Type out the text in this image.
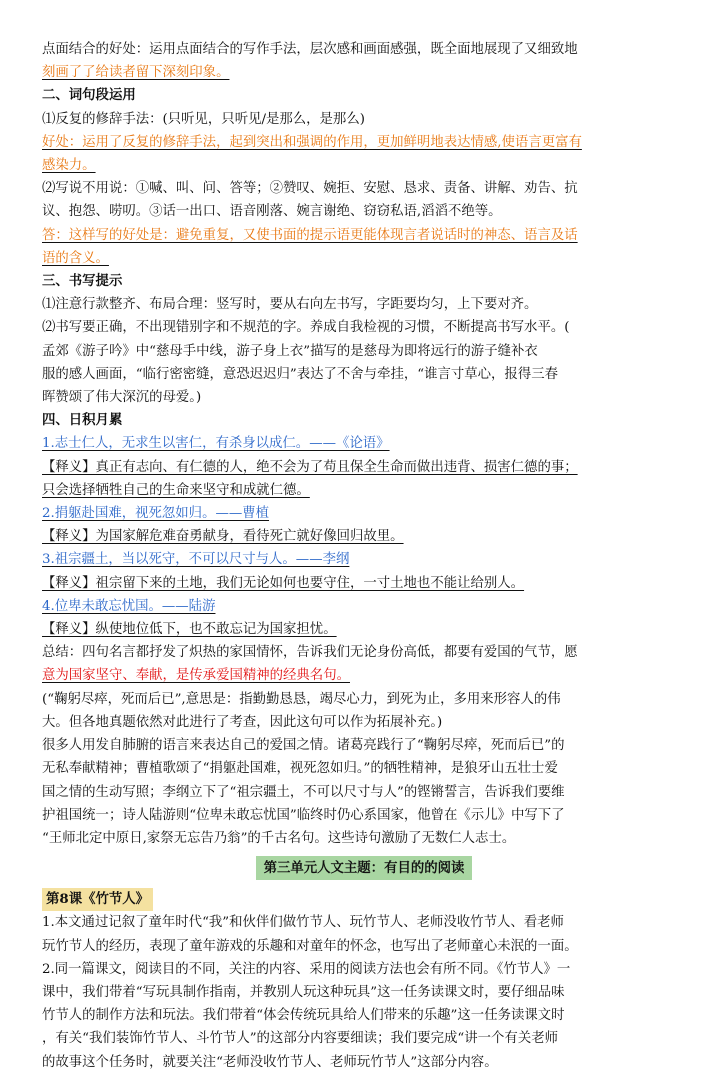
点面结合的好处：运用点面结合的写作手法，层次感和画面感强，既全面地展现了又细致地
刻画了了给读者留下深刻印象。
二、词句段运用
⑴反复的修辞手法：(只听见，只听见/是那么，是那么)
好处：运用了反复的修辞手法，起到突出和强调的作用，更加鲜明地表达情感,使语言更富有
感染力。
⑵写说不用说：①喊、叫、问、答等；②赞叹、婉拒、安慰、恳求、责备、讲解、劝告、抗
议、抱怨、唠叨。③话一出口、语音刚落、婉言谢绝、窃窃私语,滔滔不绝等。
答：这样写的好处是：避免重复，又使书面的提示语更能体现言者说话时的神态、语言及话
语的含义。
三、书写提示
⑴注意行款整齐、布局合理：竖写时，要从右向左书写，字距要均匀，上下要对齐。
⑵书写要正确，不出现错别字和不规范的字。养成自我检视的习惯，不断提高书写水平。(
孟郊《游子吟》中“慈母手中线，游子身上衣”描写的是慈母为即将远行的游子缝补衣
服的感人画面，“临行密密缝，意恐迟迟归”表达了不舍与牵挂，“谁言寸草心，报得三春
晖赞颂了伟大深沉的母爱。)
四、日积月累
1.志士仁人，无求生以害仁，有杀身以成仁。——《论语》
【释义】真正有志向、有仁德的人，绝不会为了苟且保全生命而做出违背、损害仁德的事；
只会选择牺牲自己的生命来坚守和成就仁德。
2.捐躯赴国难，视死忽如归。——曹植
【释义】为国家解危难奋勇献身，看待死亡就好像回归故里。
3.祖宗疆土，当以死守，不可以尺寸与人。——李纲
【释义】祖宗留下来的土地，我们无论如何也要守住，一寸土地也不能让给别人。
4.位卑未敢忘忧国。——陆游
【释义】纵使地位低下，也不敢忘记为国家担忧。
总结：四句名言都抒发了炽热的家国情怀，告诉我们无论身份高低，都要有爱国的气节，愿
意为国家坚守、奉献，是传承爱国精神的经典名句。
(“鞠躬尽瘁，死而后已”,意思是：指勤勤恳恳，竭尽心力，到死为止，多用来形容人的伟
大。但各地真题依然对此进行了考查，因此这句可以作为拓展补充。)
很多人用发自肺腑的语言来表达自己的爱国之情。诸葛亮践行了“鞠躬尽瘁，死而后已”的
无私奉献精神；曹植歌颂了“捐躯赴国难，视死忽如归。”的牺牲精神，是狼牙山五壮士爱
国之情的生动写照；李纲立下了“祖宗疆土，不可以尺寸与人”的铿锵誓言，告诉我们要维
护祖国统一；诗人陆游则“位卑未敢忘忧国”临终时仍心系国家，他曾在《示儿》中写下了
“王师北定中原日,家祭无忘告乃翁”的千古名句。这些诗句激励了无数仁人志士。
第三单元人文主题：有目的的阅读
第8课《竹节人》
1.本文通过记叙了童年时代“我”和伙伴们做竹节人、玩竹节人、老师没收竹节人、看老师
玩竹节人的经历，表现了童年游戏的乐趣和对童年的怀念，也写出了老师童心未泯的一面。
2.同一篇课文，阅读目的不同，关注的内容、采用的阅读方法也会有所不同。《竹节人》一
课中，我们带着“写玩具制作指南，并教别人玩这种玩具”这一任务读课文时，要仔细品味
竹节人的制作方法和玩法。我们带着“体会传统玩具给人们带来的乐趣”这一任务读课文时
，有关“我们装饰竹节人、斗竹节人”的这部分内容要细读；我们要完成“讲一个有关老师
的故事这个任务时，就要关注“老师没收竹节人、老师玩竹节人”这部分内容。
